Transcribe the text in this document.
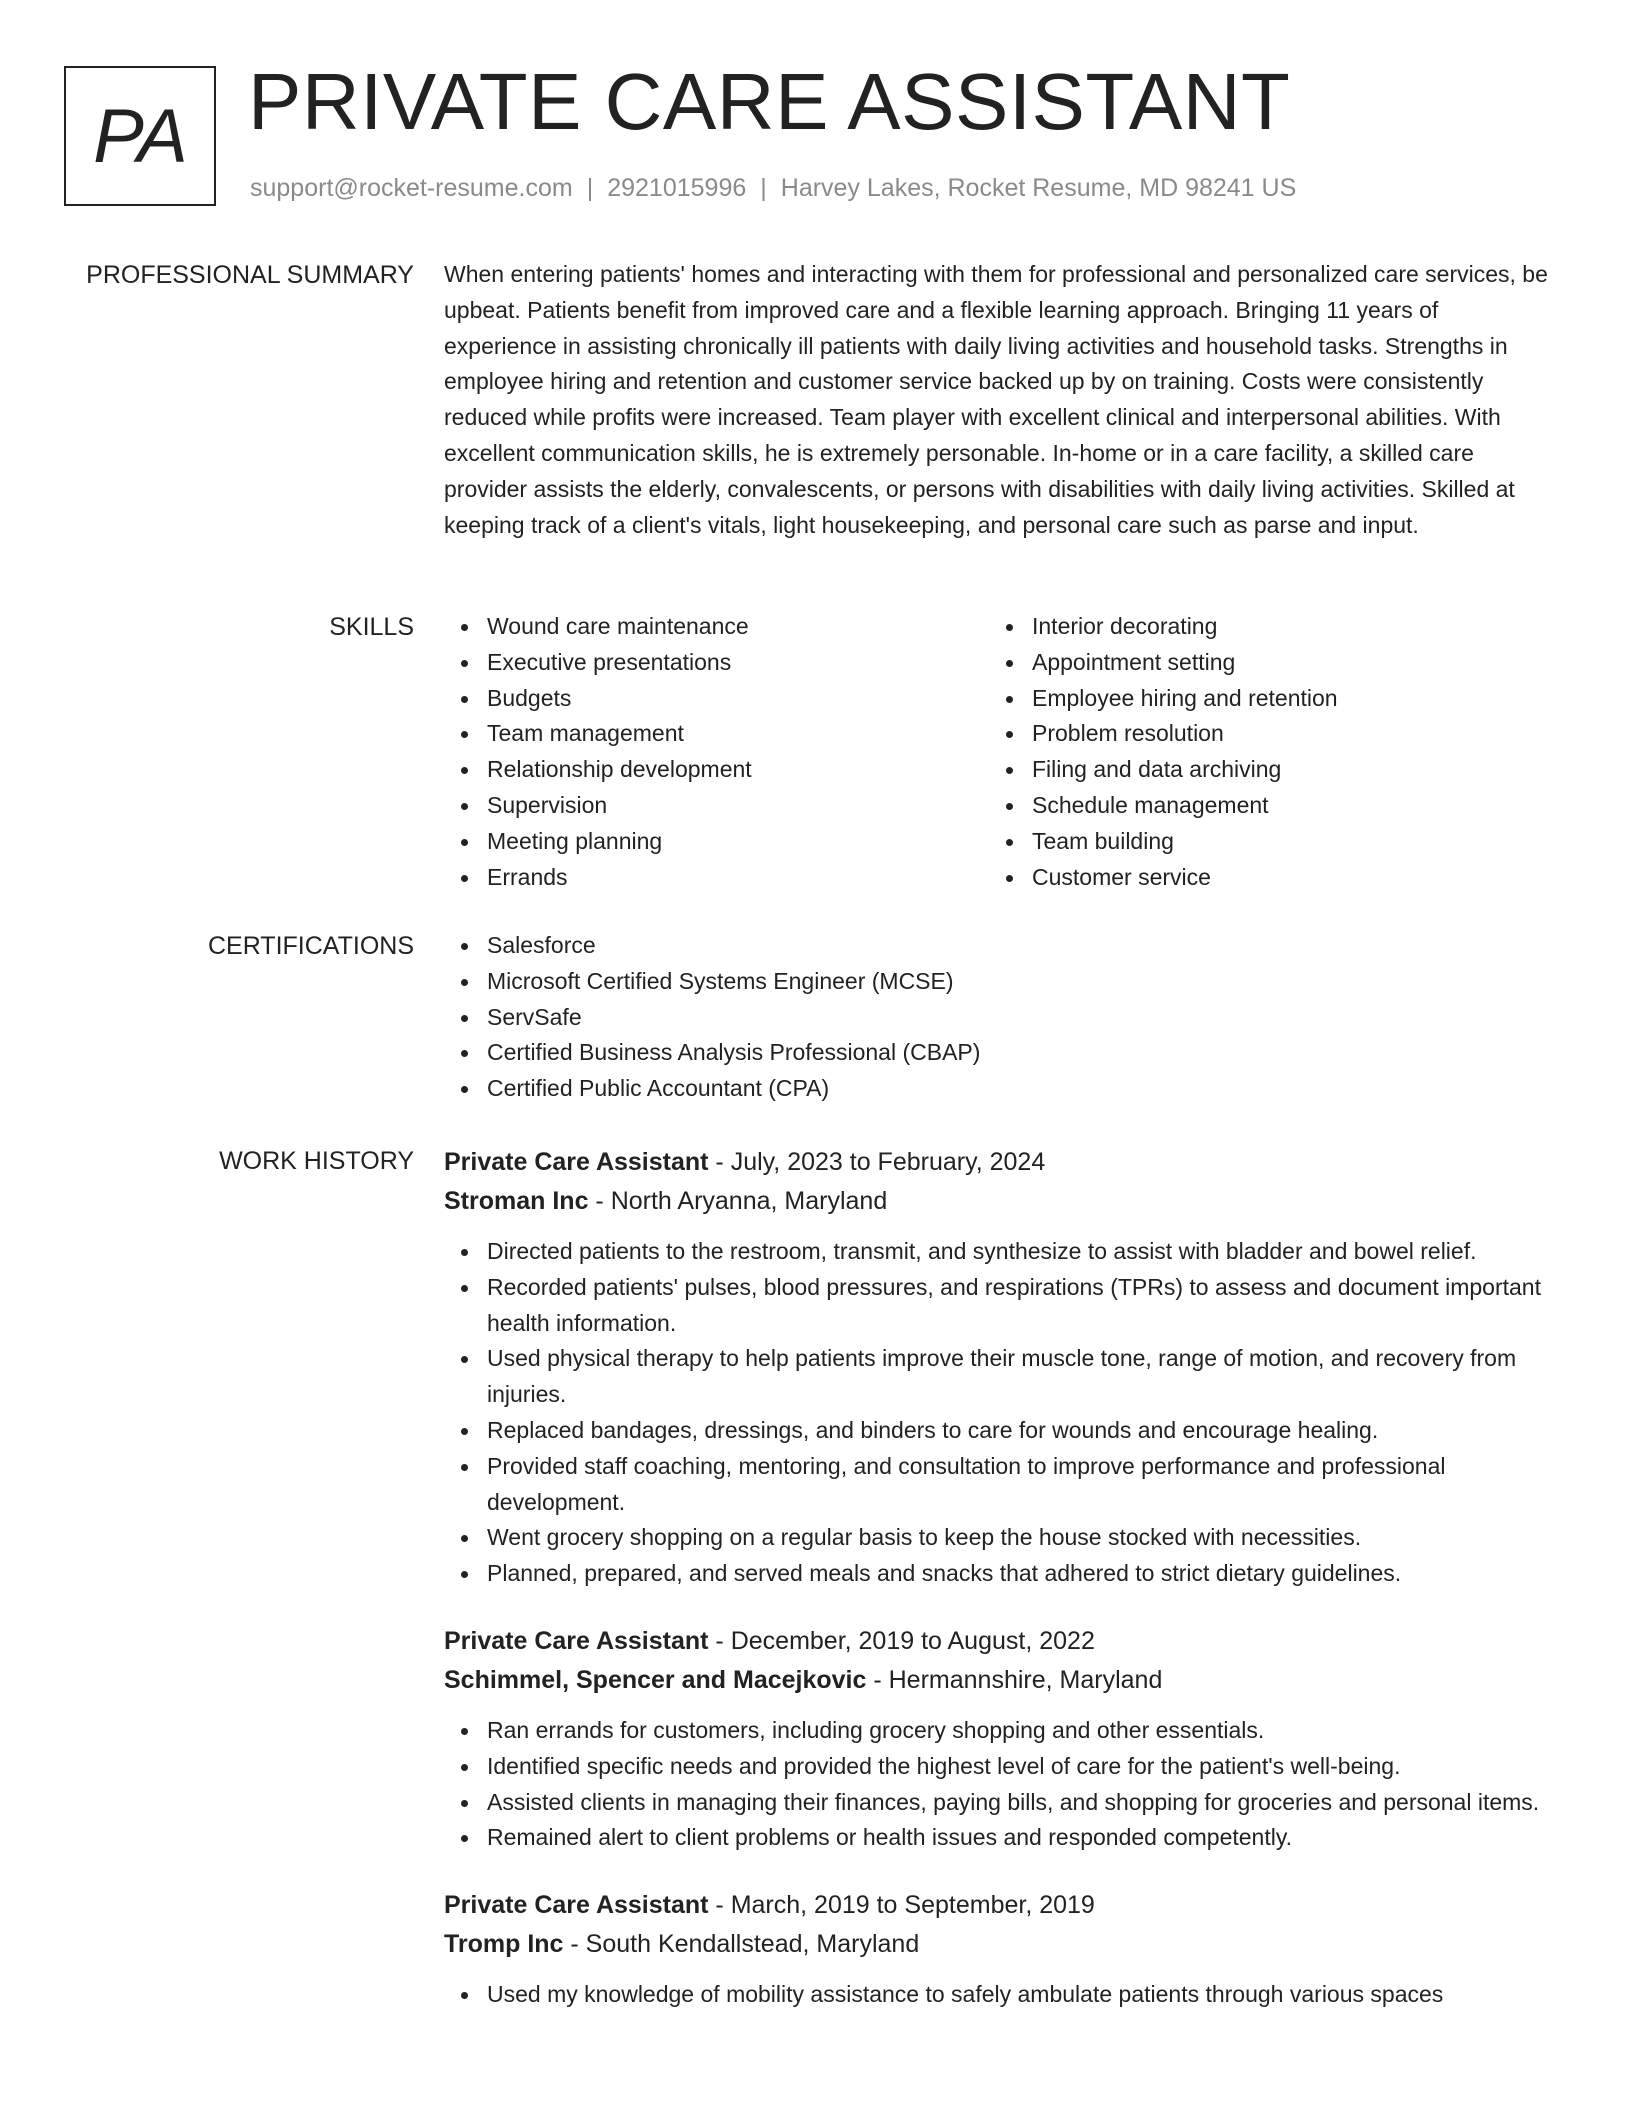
PA PRIVATE CARE ASSISTANT
support@rocket-resume.com | 2921015996 | Harvey Lakes, Rocket Resume, MD 98241 US
PROFESSIONAL SUMMARY When entering patients' homes and interacting with them for professional and personalized care services, be upbeat. Patients benefit from improved care and a flexible learning approach. Bringing 11 years of experience in assisting chronically ill patients with daily living activities and household tasks. Strengths in employee hiring and retention and customer service backed up by on training. Costs were consistently reduced while profits were increased. Team player with excellent clinical and interpersonal abilities. With excellent communication skills, he is extremely personable. In-home or in a care facility, a skilled care provider assists the elderly, convalescents, or persons with disabilities with daily living activities. Skilled at keeping track of a client's vitals, light housekeeping, and personal care such as parse and input.

SKILLS	Wound care maintenance
Executive presentations
Budgets
Team management
Relationship development
Supervision
Meeting planning
Errands
Interior decorating
Appointment setting
Employee hiring and retention
Problem resolution
Filing and data archiving
Schedule management
Team building
Customer service
CERTIFICATIONS	Salesforce
Microsoft Certified Systems Engineer (MCSE)
ServSafe
Certified Business Analysis Professional (CBAP)
Certified Public Accountant (CPA)
WORK HISTORY Private Care Assistant - July, 2023 to February, 2024
Stroman Inc - North Aryanna, Maryland
Directed patients to the restroom, transmit, and synthesize to assist with bladder and bowel relief.
Recorded patients' pulses, blood pressures, and respirations (TPRs) to assess and document important health information.
Used physical therapy to help patients improve their muscle tone, range of motion, and recovery from injuries.
Replaced bandages, dressings, and binders to care for wounds and encourage healing.
Provided staff coaching, mentoring, and consultation to improve performance and professional development.
Went grocery shopping on a regular basis to keep the house stocked with necessities.
Planned, prepared, and served meals and snacks that adhered to strict dietary guidelines.
Private Care Assistant - December, 2019 to August, 2022
Schimmel, Spencer and Macejkovic - Hermannshire, Maryland
Ran errands for customers, including grocery shopping and other essentials.
Identified specific needs and provided the highest level of care for the patient's well-being.
Assisted clients in managing their finances, paying bills, and shopping for groceries and personal items.
Remained alert to client problems or health issues and responded competently.
Private Care Assistant - March, 2019 to September, 2019
Tromp Inc - South Kendallstead, Maryland
Used my knowledge of mobility assistance to safely ambulate patients through various spaces
